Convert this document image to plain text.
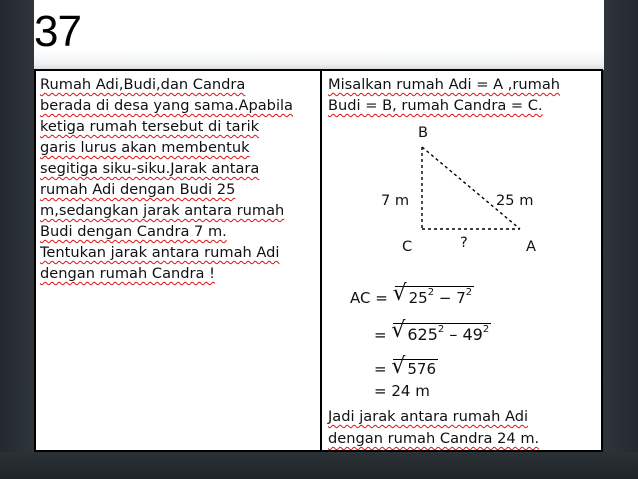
37
Rumah Adi,Budi,dan Candra
berada di desa yang sama.Apabila
ketiga rumah tersebut di tarik
garis lurus akan membentuk
segitiga siku-siku.Jarak antara
rumah Adi dengan Budi 25
m,sedangkan jarak antara rumah
Budi dengan Candra 7 m.
Tentukan jarak antara rumah Adi
dengan rumah Candra !
Misalkan rumah Adi = A ,rumah
Budi = B, rumah Candra = C.
B
7 m	25 m
C	?	A
AC = √ $25^2 - 7^2$
= √ $625^2 - 49^2$
= √ 576
= 24 m
Jadi jarak antara rumah Adi
dengan rumah Candra 24 m.
